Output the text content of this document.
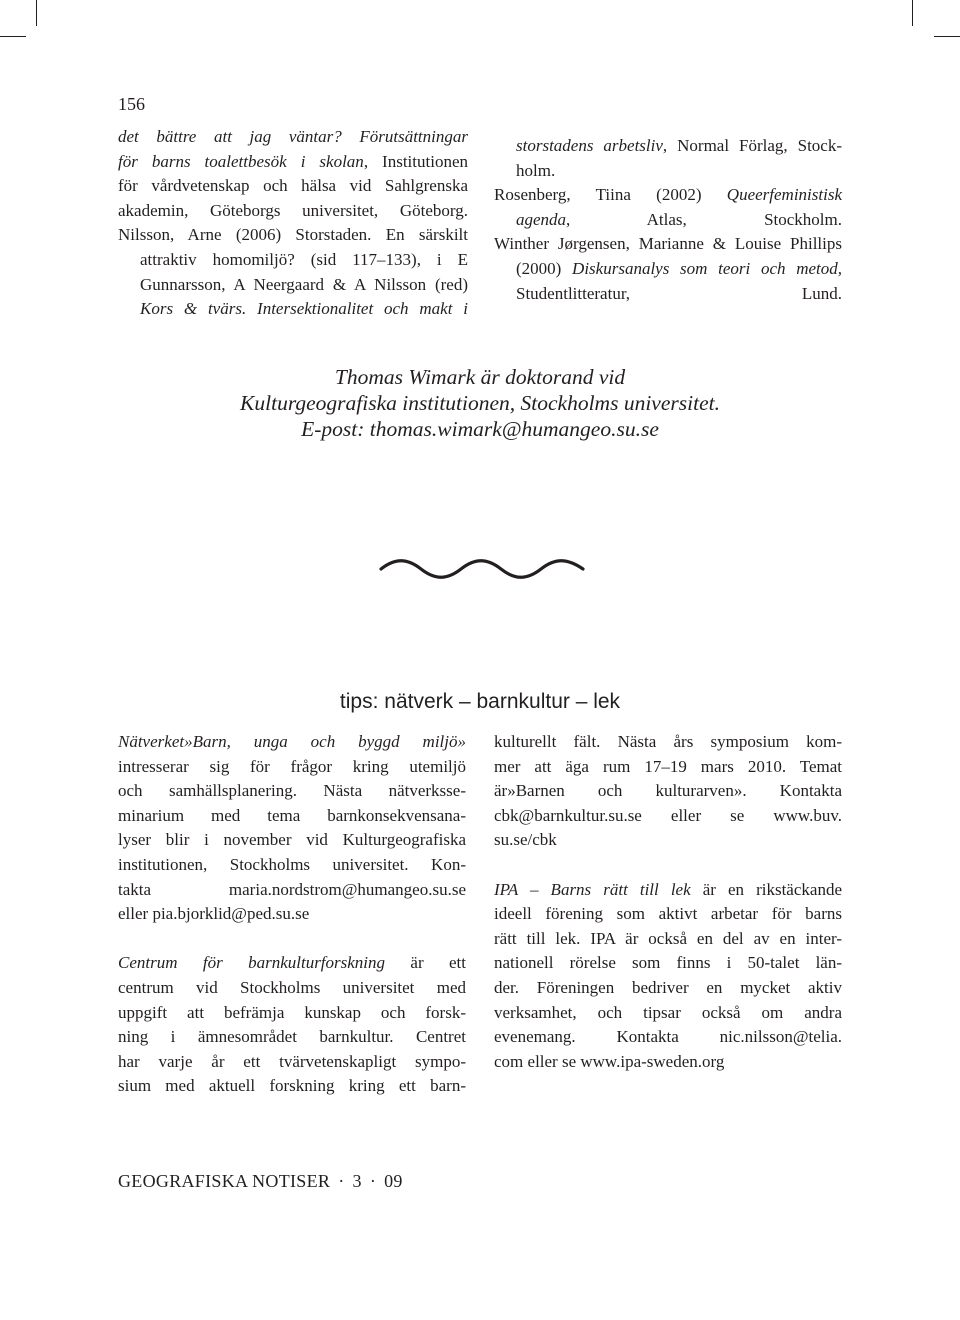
156
det bättre att jag väntar? Förutsättningar
för barns toalettbesök i skolan, Institutionen
för vårdvetenskap och hälsa vid Sahlgrenska
akademin, Göteborgs universitet, Göteborg.
Nilsson, Arne (2006) Storstaden. En särskilt
attraktiv homomiljö? (sid 117–133), i E
Gunnarsson, A Neergaard & A Nilsson (red)
Kors & tvärs. Intersektionalitet och makt i
storstadens arbetsliv, Normal Förlag, Stock-
holm.
Rosenberg, Tiina (2002) Queerfeministisk
agenda, Atlas, Stockholm.
Winther Jørgensen, Marianne & Louise Phillips
(2000) Diskursanalys som teori och metod,
Studentlitteratur, Lund.
Thomas Wimark är doktorand vid
Kulturgeografiska institutionen, Stockholms universitet.
E-post: thomas.wimark@humangeo.su.se
tips: nätverk – barnkultur – lek
Nätverket»Barn, unga och byggd miljö»
intresserar sig för frågor kring utemiljö
och samhällsplanering. Nästa nätverksse-
minarium med tema barnkonsekvensana-
lyser blir i november vid Kulturgeografiska
institutionen, Stockholms universitet. Kon-
takta maria.nordstrom@humangeo.su.se
eller pia.bjorklid@ped.su.se
Centrum för barnkulturforskning är ett
centrum vid Stockholms universitet med
uppgift att befrämja kunskap och forsk-
ning i ämnesområdet barnkultur. Centret
har varje år ett tvärvetenskapligt sympo-
sium med aktuell forskning kring ett barn-
kulturellt fält. Nästa års symposium kom-
mer att äga rum 17–19 mars 2010. Temat
är»Barnen och kulturarven». Kontakta
cbk@barnkultur.su.se eller se www.buv.
su.se/cbk
IPA – Barns rätt till lek är en rikstäckande
ideell förening som aktivt arbetar för barns
rätt till lek. IPA är också en del av en inter-
nationell rörelse som finns i 50-talet län-
der. Föreningen bedriver en mycket aktiv
verksamhet, och tipsar också om andra
evenemang. Kontakta nic.nilsson@telia.
com eller se www.ipa-sweden.org
GEOGRAFISKA NOTISER · 3 · 09
